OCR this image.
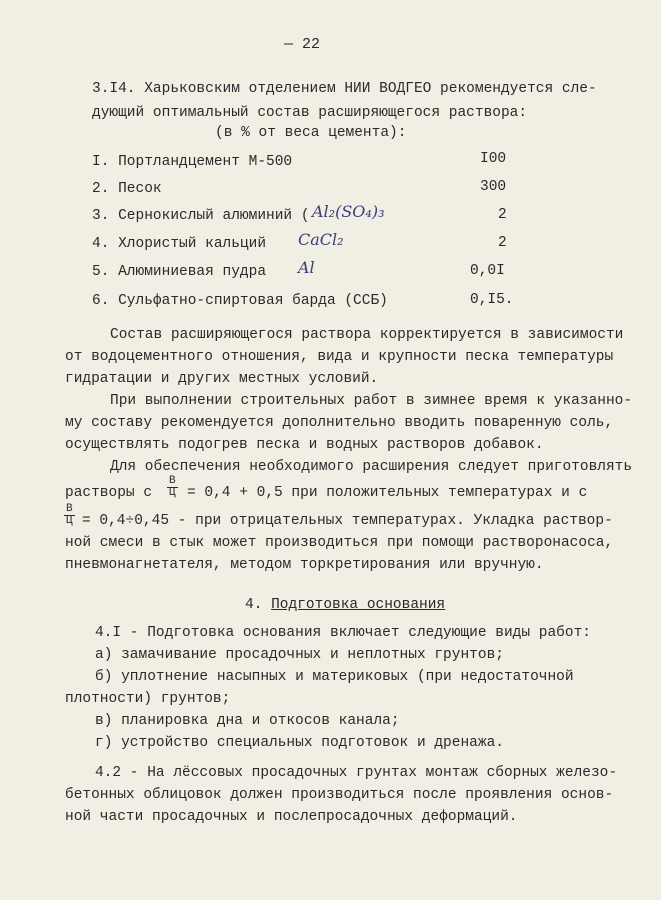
— 22
3.I4. Харьковским отделением НИИ ВОДГЕО рекомендуется сле-
дующий оптимальный состав расширяющегося раствора:
(в % от веса цемента):
I. Портландцемент М-500	I00
2. Песок	300
3. Сернокислый алюминий ( Al₂(SO₄)₃	2
4. Хлористый кальций CaCl₂	2
5. Алюминиевая пудра Al	0,0I
6. Сульфатно-спиртовая барда (ССБ)	0,I5.
Состав расширяющегося раствора корректируется в зависимости
от водоцементного отношения, вида и крупности песка температуры
гидратации и других местных условий.
При выполнении строительных работ в зимнее время к указанно-
му составу рекомендуется дополнительно вводить поваренную соль,
осуществлять подогрев песка и водных растворов добавок.
Для обеспечения необходимого расширения следует приготовлять
растворы с
В
Ц = 0,4 + 0,5 при положительных температурах и с
В
Ц = 0,4÷0,45 - при отрицательных температурах. Укладка раствор-
ной смеси в стык может производиться при помощи растворонасоса,
пневмонагнетателя, методом торкретирования или вручную.
4. Подготовка основания
4.I - Подготовка основания включает следующие виды работ:
а) замачивание просадочных и неплотных грунтов;
б) уплотнение насыпных и материковых (при недостаточной
плотности) грунтов;
в) планировка дна и откосов канала;
г) устройство специальных подготовок и дренажа.
4.2 - На лёссовых просадочных грунтах монтаж сборных железо-
бетонных облицовок должен производиться после проявления основ-
ной части просадочных и послепросадочных деформаций.
